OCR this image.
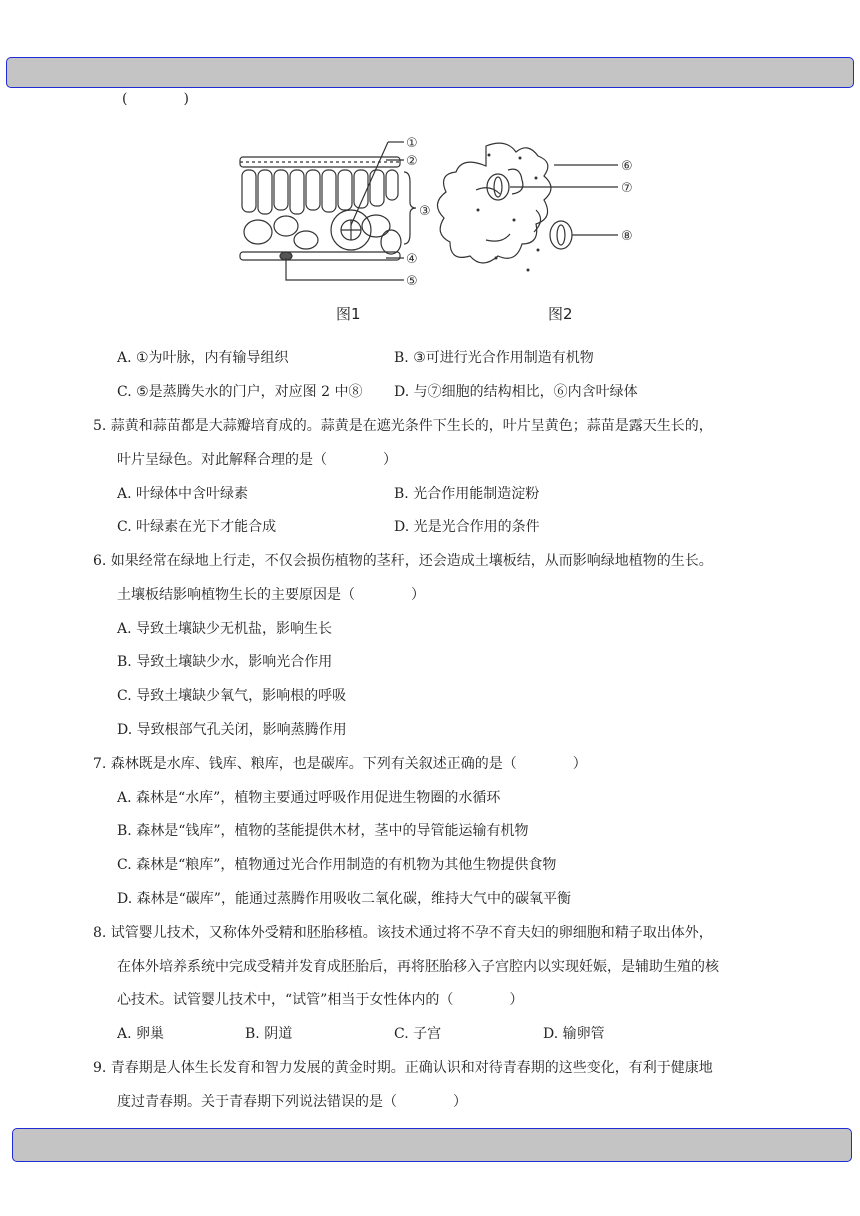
(　　　　)
①
②
③
④
⑤
⑥
⑦
⑧
图1	图2
A. ①为叶脉，内有输导组织	B. ③可进行光合作用制造有机物
C. ⑤是蒸腾失水的门户，对应图 2 中⑧ D. 与⑦细胞的结构相比，⑥内含叶绿体
5. 蒜黄和蒜苗都是大蒜瓣培育成的。蒜黄是在遮光条件下生长的，叶片呈黄色；蒜苗是露天生长的，
叶片呈绿色。对此解释合理的是（　　　　）
A. 叶绿体中含叶绿素	B. 光合作用能制造淀粉
C. 叶绿素在光下才能合成	D. 光是光合作用的条件
6. 如果经常在绿地上行走，不仅会损伤植物的茎秆，还会造成土壤板结，从而影响绿地植物的生长。
土壤板结影响植物生长的主要原因是（　　　　）
A. 导致土壤缺少无机盐，影响生长
B. 导致土壤缺少水，影响光合作用
C. 导致土壤缺少氧气，影响根的呼吸
D. 导致根部气孔关闭，影响蒸腾作用
7. 森林既是水库、钱库、粮库，也是碳库。下列有关叙述正确的是（　　　　）
A. 森林是“水库”，植物主要通过呼吸作用促进生物圈的水循环
B. 森林是“钱库”，植物的茎能提供木材，茎中的导管能运输有机物
C. 森林是“粮库”，植物通过光合作用制造的有机物为其他生物提供食物
D. 森林是“碳库”，能通过蒸腾作用吸收二氧化碳，维持大气中的碳氧平衡
8. 试管婴儿技术，又称体外受精和胚胎移植。该技术通过将不孕不育夫妇的卵细胞和精子取出体外，
在体外培养系统中完成受精并发育成胚胎后，再将胚胎移入子宫腔内以实现妊娠，是辅助生殖的核
心技术。试管婴儿技术中，“试管”相当于女性体内的（　　　　）
A. 卵巢	B. 阴道	C. 子宫	D. 输卵管
9. 青春期是人体生长发育和智力发展的黄金时期。正确认识和对待青春期的这些变化，有利于健康地
度过青春期。关于青春期下列说法错误的是（　　　　）
